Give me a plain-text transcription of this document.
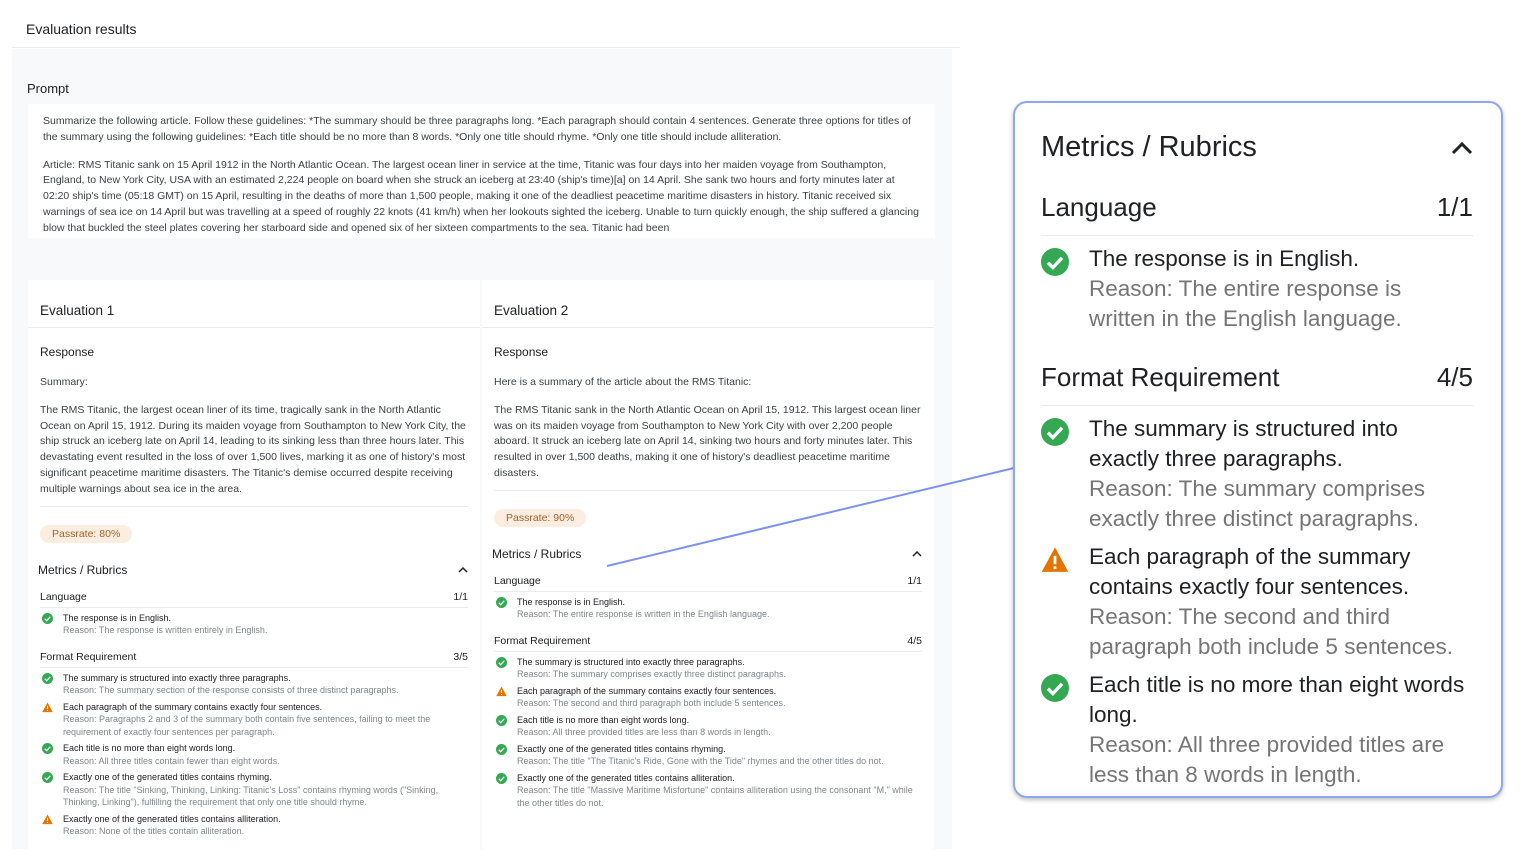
Evaluation results
Prompt

Summarize the following article. Follow these guidelines: *The summary should be three paragraphs long. *Each paragraph should contain 4 sentences. Generate three options for titles of the summary using the following guidelines: *Each title should be no more than 8 words. *Only one title should rhyme. *Only one title should include alliteration.

Article: RMS Titanic sank on 15 April 1912 in the North Atlantic Ocean. The largest ocean liner in service at the time, Titanic was four days into her maiden voyage from Southampton, England, to New York City, USA with an estimated 2,224 people on board when she struck an iceberg at 23:40 (ship's time)[a] on 14 April. She sank two hours and forty minutes later at 02:20 ship's time (05:18 GMT) on 15 April, resulting in the deaths of more than 1,500 people, making it one of the deadliest peacetime maritime disasters in history. Titanic received six warnings of sea ice on 14 April but was travelling at a speed of roughly 22 knots (41 km/h) when her lookouts sighted the iceberg. Unable to turn quickly enough, the ship suffered a glancing blow that buckled the steel plates covering her starboard side and opened six of her sixteen compartments to the sea. Titanic had been

Evaluation 1
Response
Summary:
The RMS Titanic, the largest ocean liner of its time, tragically sank in the North Atlantic Ocean on April 15, 1912. During its maiden voyage from Southampton to New York City, the ship struck an iceberg late on April 14, leading to its sinking less than three hours later. This devastating event resulted in the loss of over 1,500 lives, marking it as one of history's most significant peacetime maritime disasters. The Titanic's demise occurred despite receiving multiple warnings about sea ice in the area.
Passrate: 80%
Metrics / Rubrics
Language	1/1
The response is in English.
Reason: The response is written entirely in English.
Format Requirement	3/5
The summary is structured into exactly three paragraphs.
Reason: The summary section of the response consists of three distinct paragraphs.
Each paragraph of the summary contains exactly four sentences.
Reason: Paragraphs 2 and 3 of the summary both contain five sentences, failing to meet the requirement of exactly four sentences per paragraph.
Each title is no more than eight words long.
Reason: All three titles contain fewer than eight words.
Exactly one of the generated titles contains rhyming.
Reason: The title "Sinking, Thinking, Linking: Titanic's Loss" contains rhyming words ("Sinking, Thinking, Linking"), fulfilling the requirement that only one title should rhyme.
Exactly one of the generated titles contains alliteration.
Reason: None of the titles contain alliteration.
Evaluation 2
Response
Here is a summary of the article about the RMS Titanic:
The RMS Titanic sank in the North Atlantic Ocean on April 15, 1912. This largest ocean liner was on its maiden voyage from Southampton to New York City with over 2,200 people aboard. It struck an iceberg late on April 14, sinking two hours and forty minutes later. This resulted in over 1,500 deaths, making it one of history's deadliest peacetime maritime disasters.
Passrate: 90%
Metrics / Rubrics
Language	1/1
The response is in English.
Reason: The entire response is written in the English language.
Format Requirement	4/5
The summary is structured into exactly three paragraphs.
Reason: The summary comprises exactly three distinct paragraphs.
Each paragraph of the summary contains exactly four sentences.
Reason: The second and third paragraph both include 5 sentences.
Each title is no more than eight words long.
Reason: All three provided titles are less than 8 words in length.
Exactly one of the generated titles contains rhyming.
Reason: The title "The Titanic's Ride, Gone with the Tide" rhymes and the other titles do not.
Exactly one of the generated titles contains alliteration.
Reason: The title "Massive Maritime Misfortune" contains alliteration using the consonant "M," while the other titles do not.
Metrics / Rubrics
Language	1/1
The response is in English.
Reason: The entire response is written in the English language.
Format Requirement	4/5
The summary is structured into exactly three paragraphs.
Reason: The summary comprises exactly three distinct paragraphs.
Each paragraph of the summary contains exactly four sentences.
Reason: The second and third paragraph both include 5 sentences.
Each title is no more than eight words long.
Reason: All three provided titles are less than 8 words in length.
